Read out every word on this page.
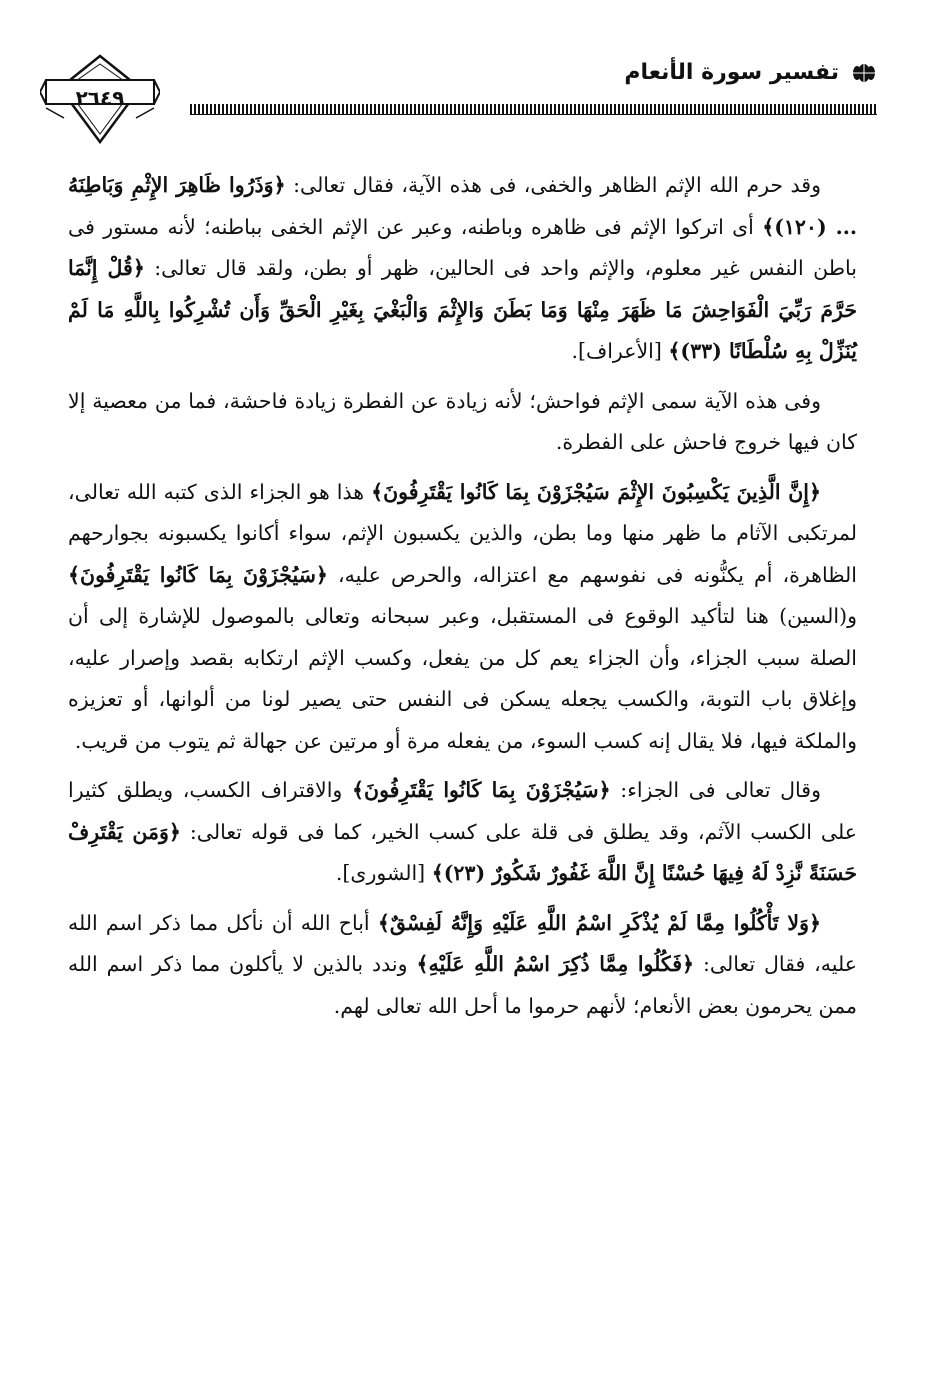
تفسير سورة الأنعام
٢٦٤٩

وقد حرم الله الإثم الظاهر والخفى، فى هذه الآية، فقال تعالى: ﴿وَذَرُوا ظَاهِرَ الإِثْمِ وَبَاطِنَهُ ... (١٢٠)﴾ أى اتركوا الإثم فى ظاهره وباطنه، وعبر عن الإثم الخفى بباطنه؛ لأنه مستور فى باطن النفس غير معلوم، والإثم واحد فى الحالين، ظهر أو بطن، ولقد قال تعالى: ﴿قُلْ إِنَّمَا حَرَّمَ رَبِّيَ الْفَوَاحِشَ مَا ظَهَرَ مِنْهَا وَمَا بَطَنَ وَالإِثْمَ وَالْبَغْيَ بِغَيْرِ الْحَقِّ وَأَن تُشْرِكُوا بِاللَّهِ مَا لَمْ يُنَزِّلْ بِهِ سُلْطَانًا (٣٣)﴾ [الأعراف].

وفى هذه الآية سمى الإثم فواحش؛ لأنه زيادة عن الفطرة زيادة فاحشة، فما من معصية إلا كان فيها خروج فاحش على الفطرة.

﴿إِنَّ الَّذِينَ يَكْسِبُونَ الإِثْمَ سَيُجْزَوْنَ بِمَا كَانُوا يَقْتَرِفُونَ﴾ هذا هو الجزاء الذى كتبه الله تعالى، لمرتكبى الآثام ما ظهر منها وما بطن، والذين يكسبون الإثم، سواء أكانوا يكسبونه بجوارحهم الظاهرة، أم يكنُّونه فى نفوسهم مع اعتزاله، والحرص عليه، ﴿سَيُجْزَوْنَ بِمَا كَانُوا يَقْتَرِفُونَ﴾ و(السين) هنا لتأكيد الوقوع فى المستقبل، وعبر سبحانه وتعالى بالموصول للإشارة إلى أن الصلة سبب الجزاء، وأن الجزاء يعم كل من يفعل، وكسب الإثم ارتكابه بقصد وإصرار عليه، وإغلاق باب التوبة، والكسب يجعله يسكن فى النفس حتى يصير لونا من ألوانها، أو تعزيزه والملكة فيها، فلا يقال إنه كسب السوء، من يفعله مرة أو مرتين عن جهالة ثم يتوب من قريب.

وقال تعالى فى الجزاء: ﴿سَيُجْزَوْنَ بِمَا كَانُوا يَقْتَرِفُونَ﴾ والاقتراف الكسب، ويطلق كثيرا على الكسب الآثم، وقد يطلق فى قلة على كسب الخير، كما فى قوله تعالى: ﴿وَمَن يَقْتَرِفْ حَسَنَةً نَّزِدْ لَهُ فِيهَا حُسْنًا إِنَّ اللَّهَ غَفُورٌ شَكُورٌ (٢٣)﴾ [الشورى].

﴿وَلا تَأْكُلُوا مِمَّا لَمْ يُذْكَرِ اسْمُ اللَّهِ عَلَيْهِ وَإِنَّهُ لَفِسْقٌ﴾ أباح الله أن نأكل مما ذكر اسم الله عليه، فقال تعالى: ﴿فَكُلُوا مِمَّا ذُكِرَ اسْمُ اللَّهِ عَلَيْهِ﴾ وندد بالذين لا يأكلون مما ذكر اسم الله ممن يحرمون بعض الأنعام؛ لأنهم حرموا ما أحل الله تعالى لهم.
